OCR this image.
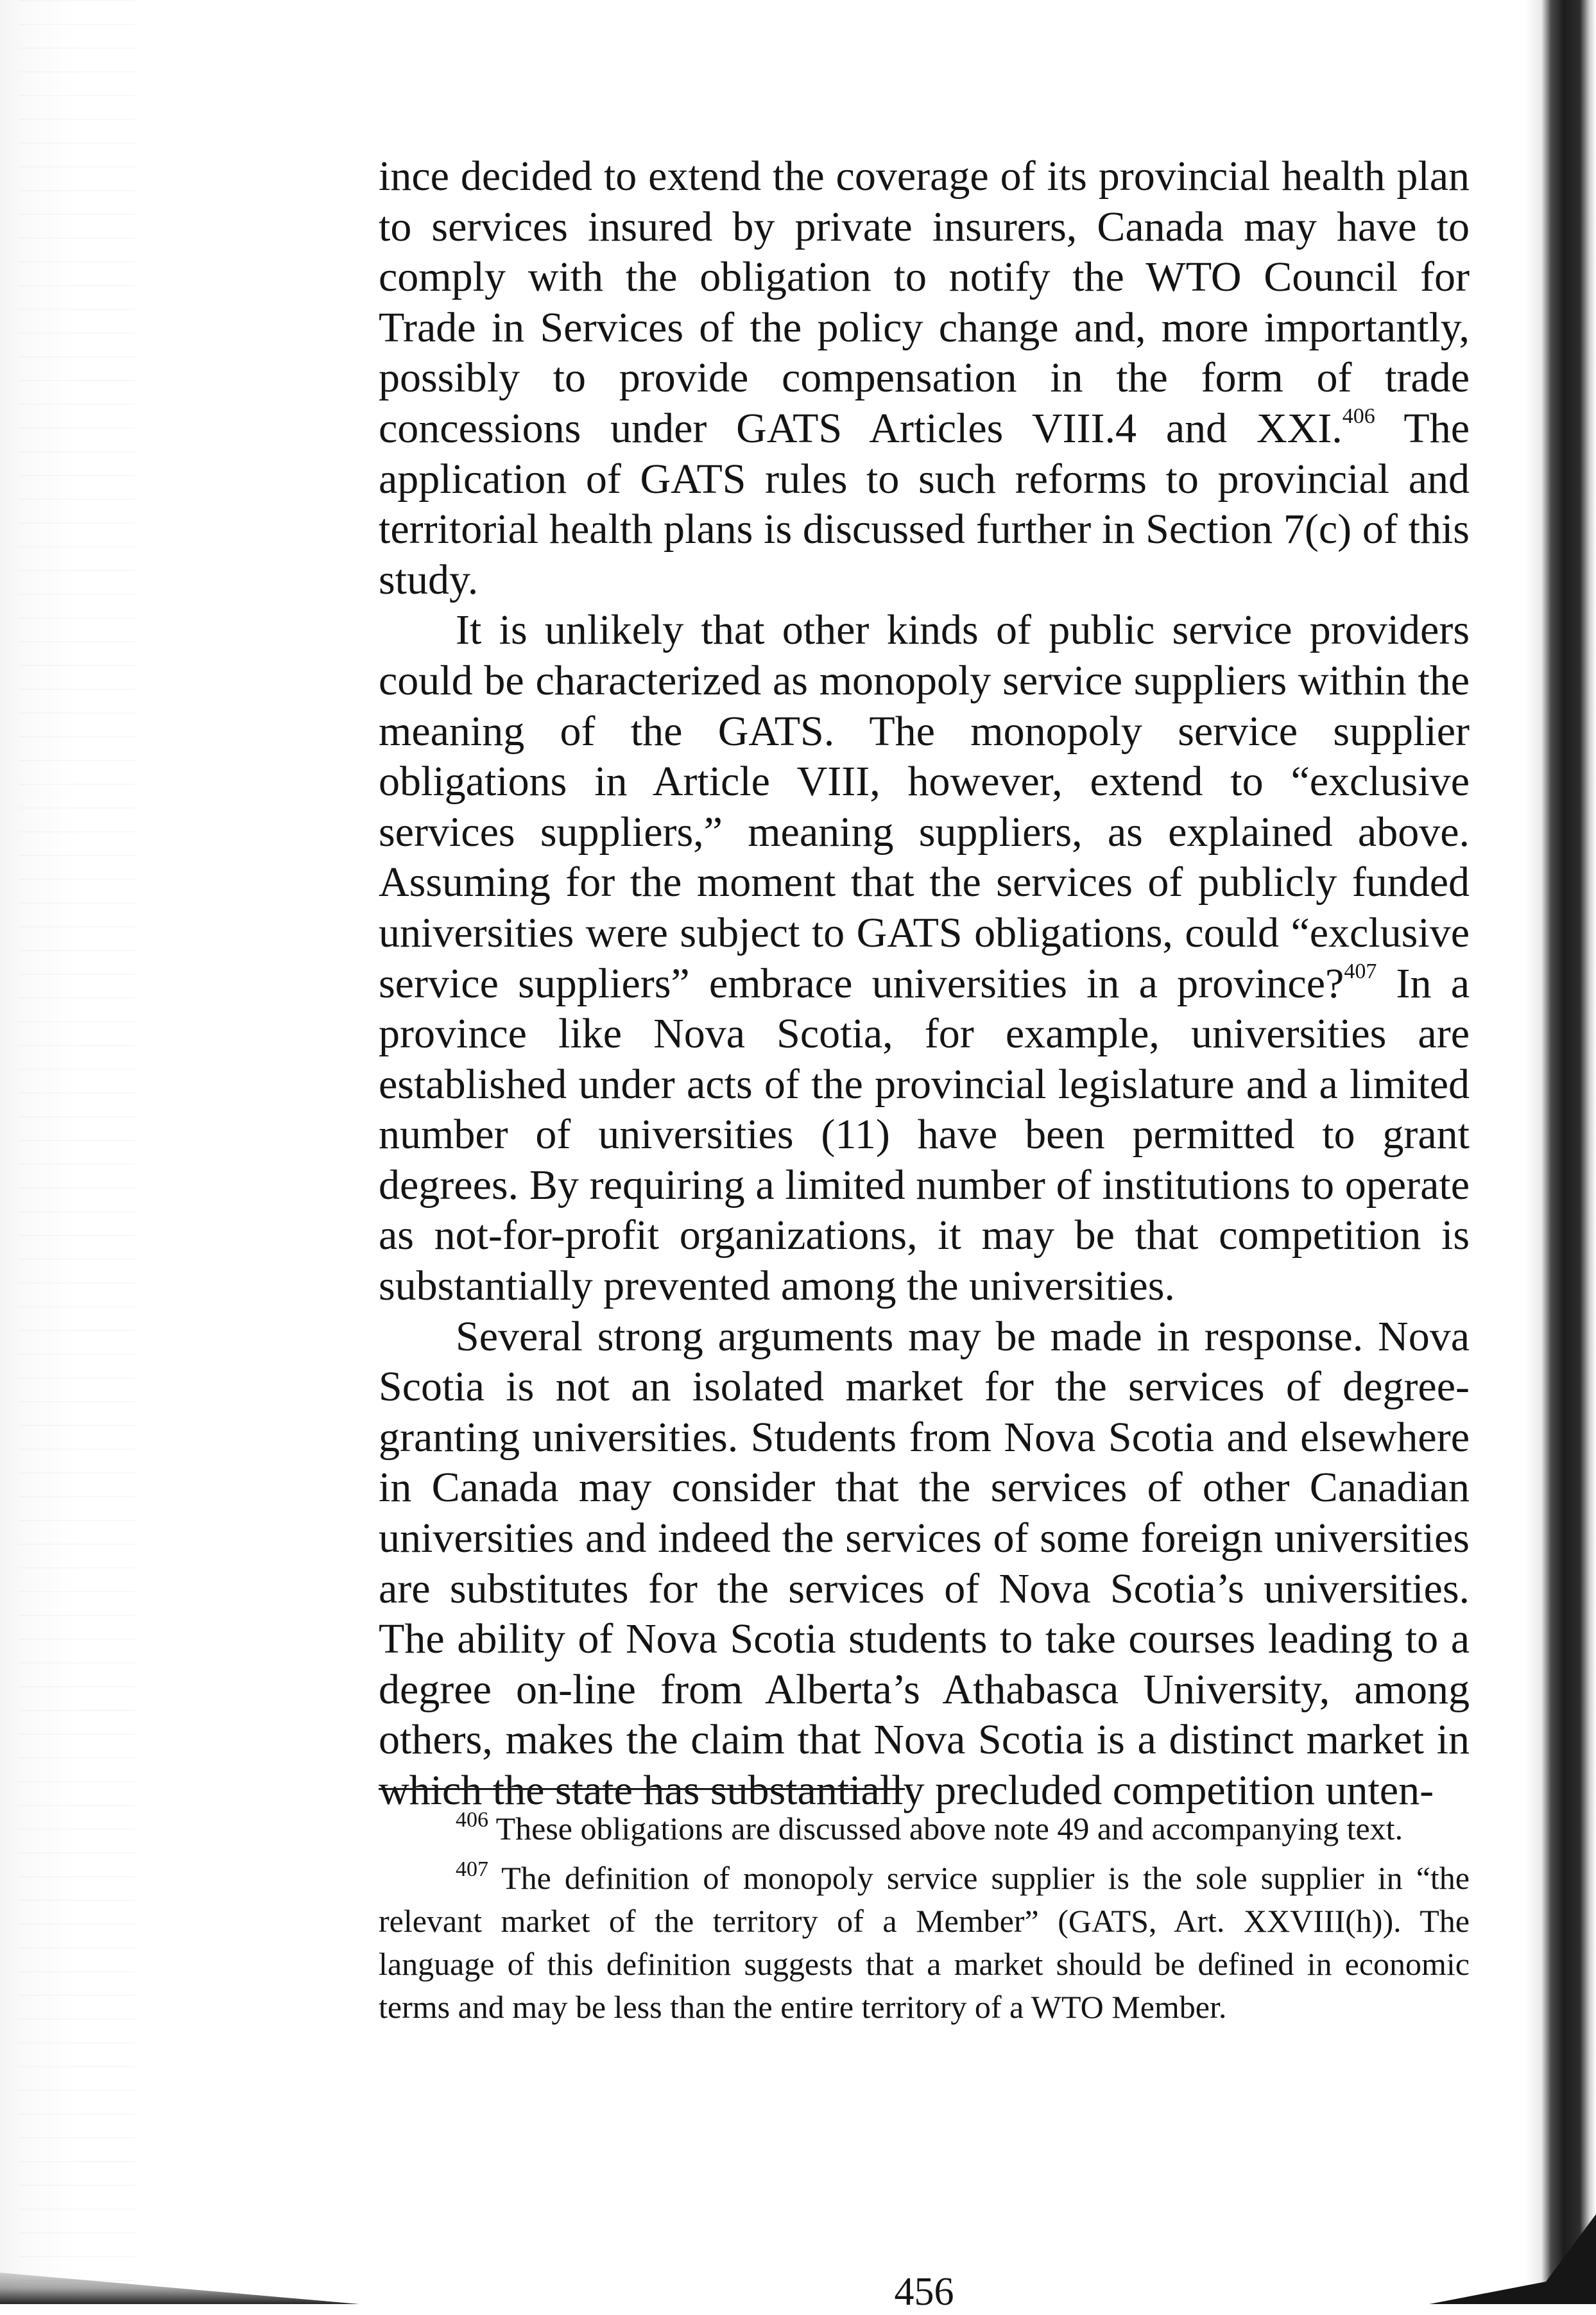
ince decided to extend the coverage of its provincial health plan to services insured by private insurers, Canada may have to comply with the obligation to notify the WTO Council for Trade in Services of the policy change and, more importantly, possibly to provide compensation in the form of trade concessions under GATS Articles VIII.4 and XXI.$^{406}$ The application of GATS rules to such reforms to provincial and territorial health plans is discussed further in Section 7(c) of this study.

It is unlikely that other kinds of public service providers could be characterized as monopoly service suppliers within the meaning of the GATS. The monopoly service supplier obligations in Article VIII, however, extend to “exclusive services suppliers,” meaning suppliers, as explained above. Assuming for the moment that the services of publicly funded universities were subject to GATS obligations, could “exclusive service suppliers” embrace universities in a province?$^{407}$ In a province like Nova Scotia, for example, universities are established under acts of the provincial legislature and a limited number of universities (11) have been permitted to grant degrees. By requiring a limited number of institutions to operate as not-for-profit organizations, it may be that competition is substantially prevented among the universities.

Several strong arguments may be made in response. Nova Scotia is not an isolated market for the services of degree-granting universities. Students from Nova Scotia and elsewhere in Canada may consider that the services of other Canadian universities and indeed the services of some foreign universities are substitutes for the services of Nova Scotia’s universities. The ability of Nova Scotia students to take courses leading to a degree on-line from Alberta’s Athabasca University, among others, makes the claim that Nova Scotia is a distinct market in which the state has substantially precluded competition unten-

$^{406}$ These obligations are discussed above note 49 and accompanying text.

$^{407}$ The definition of monopoly service supplier is the sole supplier in “the relevant market of the territory of a Member” (GATS, Art. XXVIII(h)). The language of this definition suggests that a market should be defined in economic terms and may be less than the entire territory of a WTO Member.

456
